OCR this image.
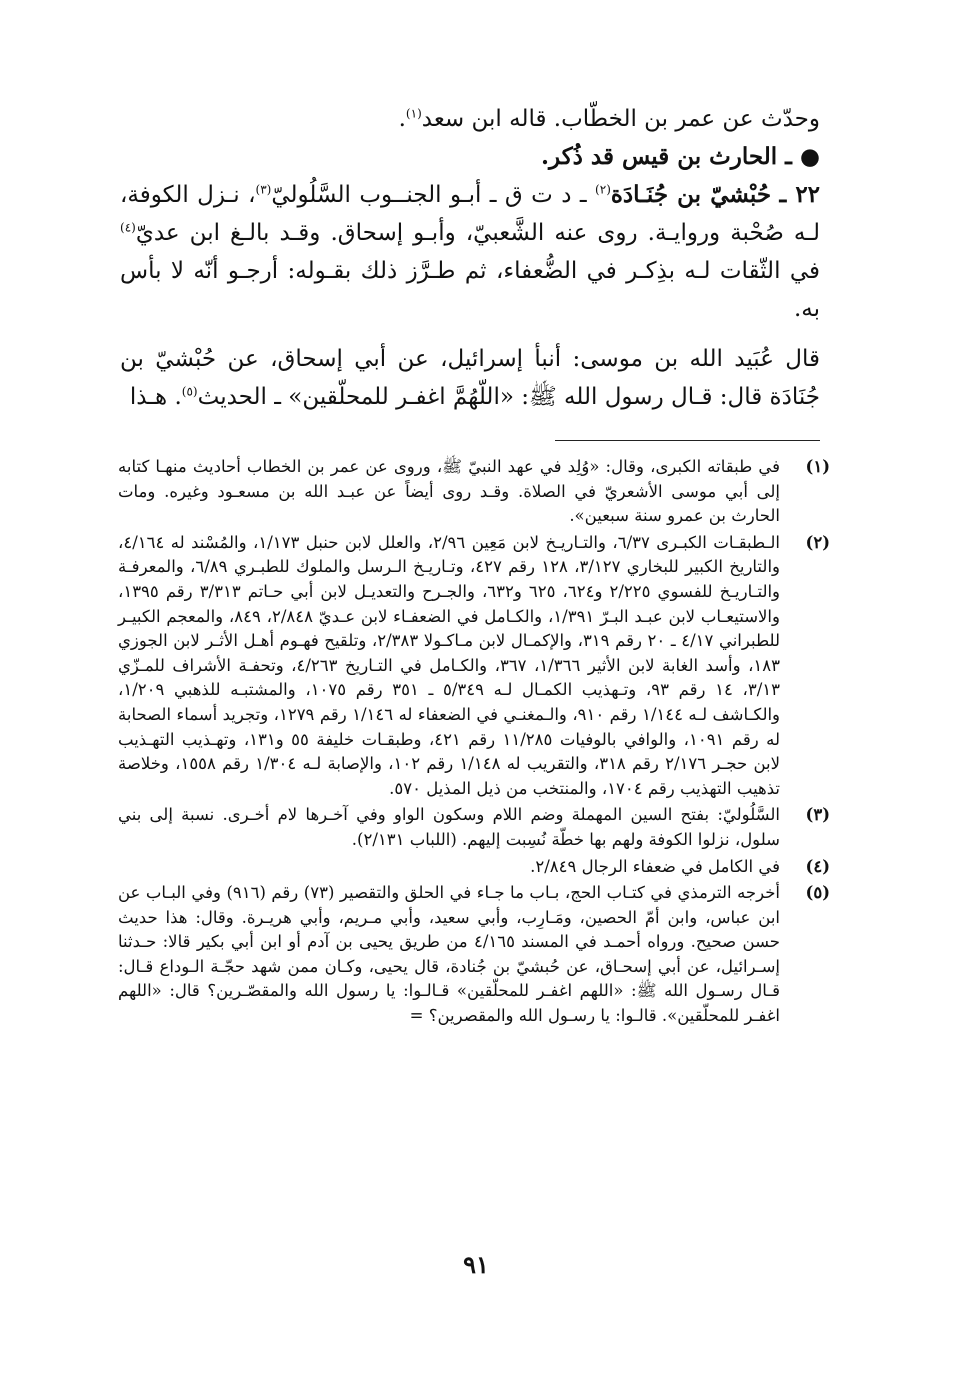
وحدّث عن عمر بن الخطّاب. قاله ابن سعد$^{(١)}$.

● ـ الحارث بن قيس قد ذُكر.

٢٢ ـ حُبْشيّ بن جُنَـادَة$^{(٢)}$ ـ د ت ق ـ أبـو الجنــوب السَّلُوليّ$^{(٣)}$، نـزل الكوفة، لـه صُحْبة وروايـة. روى عنه الشَّعبيّ، وأبـو إسحاق. وقـد بالـغ ابن عديّ$^{(٤)}$ في الثّقات لـه بذِكـر في الضُّعفاء، ثم طـرَّز ذلك بقـوله: أرجـو أنّه لا بأس به.

قال عُبَيد الله بن موسى: أنبأ إسرائيل، عن أبي إسحاق، عن حُبْشيّ بن جُنَادَة قال: قـال رسول الله ﷺ: «اللّهُمَّ اغفـر للمحلّقين» ـ الحديث$^{(٥)}$. هـذا

(١)
في طبقاته الكبرى، وقال: «وُلِد في عهد النبيّ ﷺ، وروى عن عمر بن الخطاب أحاديث منهـا كتابه إلى أبي موسى الأشعريّ في الصلاة. وقـد روى أيضاً عن عبـد الله بن مسعـود وغيره. ومات الحارث بن عمرو سنة سبعين».
(٢)
الـطبقـات الكبـرى ٦/٣٧، والتـاريـخ لابن مَعِين ٢/٩٦، والعلل لابن حنبل ١/١٧٣، والمُسْند له ٤/١٦٤، والتاريخ الكبير للبخاري ٣/١٢٧، ١٢٨ رقم ٤٢٧، وتـاريـخ الـرسل والملوك للطبـري ٦/٨٩، والمعرفـة والتـاريـخ للفسوي ٢/٢٢٥ و٦٢٤، ٦٢٥ و٦٣٢، والجـرح والتعديـل لابن أبي حـاتم ٣/٣١٣ رقم ١٣٩٥، والاستيعـاب لابن عبـد البـرّ ١/٣٩١، والكـامل في الضعفـاء لابن عـديّ ٢/٨٤٨، ٨٤٩، والمعجم الكبيـر للطبراني ٤/١٧ ـ ٢٠ رقم ٣١٩، والإكمـال لابن مـاكـولا ٢/٣٨٣، وتلقيح فهـوم أهـل الأثـر لابن الجوزي ١٨٣، وأسد الغابة لابن الأثير ١/٣٦٦، ٣٦٧، والكـامل في التـاريخ ٤/٢٦٣، وتحفـة الأشراف للمـزّي ٣/١٣، ١٤ رقم ٩٣، وتـهذيب الكمـال لـه ٥/٣٤٩ ـ ٣٥١ رقم ١٠٧٥، والمشتبـه للذهبي ١/٢٠٩، والكـاشف لـه ١/١٤٤ رقم ٩١٠، والـمغنـي في الضعفاء له ١/١٤٦ رقم ١٢٧٩، وتجريد أسماء الصحابة له رقم ١٠٩١، والوافي بالوفيات ١١/٢٨٥ رقم ٤٢١، وطبقـات خليفة ٥٥ و١٣١، وتهـذيب التهـذيب لابن حجـر ٢/١٧٦ رقم ٣١٨، والتقريب له ١/١٤٨ رقم ١٠٢، والإصابة لـه ١/٣٠٤ رقم ١٥٥٨، وخلاصة تذهيب التهذيب رقم ١٧٠٤، والمنتخب من ذيل المذيل ٥٧٠.
(٣)
السَّلُوليّ: بفتح السين المهملة وضم اللام وسكون الواو وفي آخـرها لام أخـرى. نسبة إلى بني سلول، نزلوا الكوفة ولهم بها خطّة نُسِبت إليهم. (اللباب ٢/١٣١).
(٤)
في الكامل في ضعفاء الرجال ٢/٨٤٩.
(٥)
أخرجه الترمذي في كتـاب الحج، بـاب ما جـاء في الحلق والتقصير (٧٣) رقم (٩١٦) وفي البـاب عن ابن عباس، وابن أمّ الحصين، ومَـارِب، وأبي سعيد، وأبي مـريم، وأبي هريـرة. وقال: هذا حديث حسن صحيح. ورواه أحمـد في المسند ٤/١٦٥ من طريق يحيى بن آدم أو ابن أبي بكير قالا: حـدثنا إسـرائيل، عن أبي إسحـاق، عن حُبشيّ بن جُنادة، قال يحيى، وكـان ممن شهد حجّـة الـوداع قـال: قـال رسـول الله ﷺ: «اللهم اغفـر للمحلّقين» قـالـوا: يا رسول الله والمقصّـرين؟ قال: «اللهم اغفـر للمحلّقين». قالـوا: يا رسـول الله والمقصرين؟ =
٩١
